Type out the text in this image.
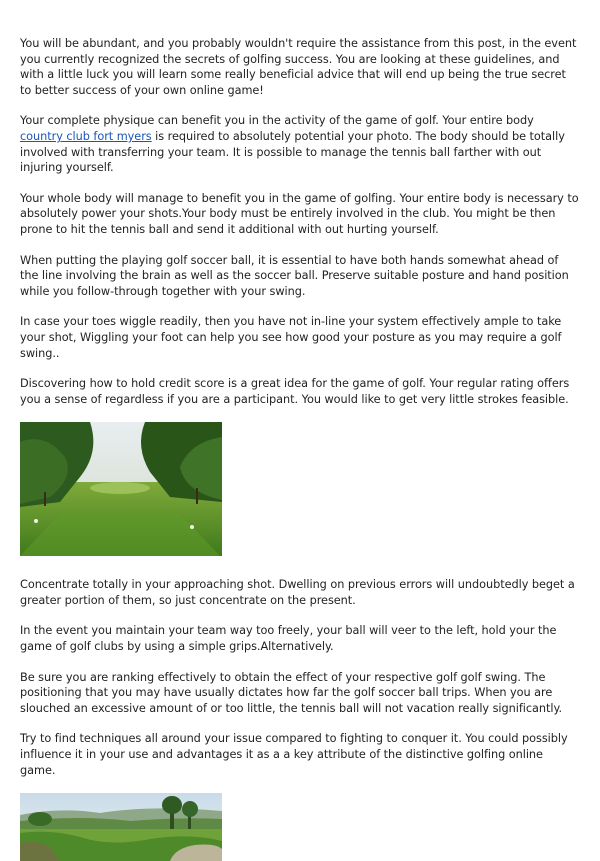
You will be abundant, and you probably wouldn't require the assistance from this post, in the event you currently recognized the secrets of golfing success. You are looking at these guidelines, and with a little luck you will learn some really beneficial advice that will end up being the true secret to better success of your own online game!

Your complete physique can benefit you in the activity of the game of golf. Your entire body country club fort myers is required to absolutely potential your photo. The body should be totally involved with transferring your team. It is possible to manage the tennis ball farther with out injuring yourself.

Your whole body will manage to benefit you in the game of golfing. Your entire body is necessary to absolutely power your shots.Your body must be entirely involved in the club. You might be then prone to hit the tennis ball and send it additional with out hurting yourself.

When putting the playing golf soccer ball, it is essential to have both hands somewhat ahead of the line involving the brain as well as the soccer ball. Preserve suitable posture and hand position while you follow-through together with your swing.

In case your toes wiggle readily, then you have not in-line your system effectively ample to take your shot, Wiggling your foot can help you see how good your posture as you may require a golf swing..

Discovering how to hold credit score is a great idea for the game of golf. Your regular rating offers you a sense of regardless if you are a participant. You would like to get very little strokes feasible.

Concentrate totally in your approaching shot. Dwelling on previous errors will undoubtedly beget a greater portion of them, so just concentrate on the present.

In the event you maintain your team way too freely, your ball will veer to the left, hold your the game of golf clubs by using a simple grips.Alternatively.

Be sure you are ranking effectively to obtain the effect of your respective golf golf swing. The positioning that you may have usually dictates how far the golf soccer ball trips. When you are slouched an excessive amount of or too little, the tennis ball will not vacation really significantly.

Try to find techniques all around your issue compared to fighting to conquer it. You could possibly influence it in your use and advantages it as a a key attribute of the distinctive golfing online game.
